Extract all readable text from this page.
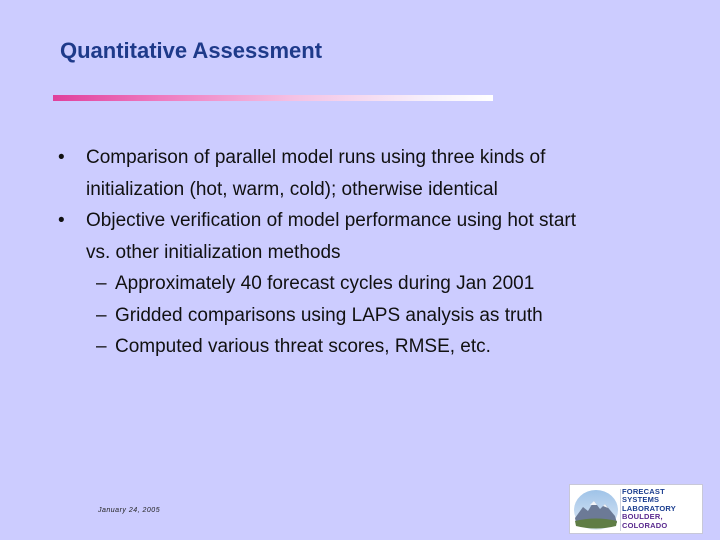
Quantitative Assessment
•	Comparison of parallel model runs using three kinds of
initialization (hot, warm, cold); otherwise identical
•	Objective verification of model performance using hot start
vs. other initialization methods
– Approximately 40 forecast cycles during Jan 2001
– Gridded comparisons using LAPS analysis as truth
– Computed various threat scores, RMSE, etc.
January 24, 2005
FORECAST
SYSTEMS
LABORATORY
BOULDER, COLORADO
